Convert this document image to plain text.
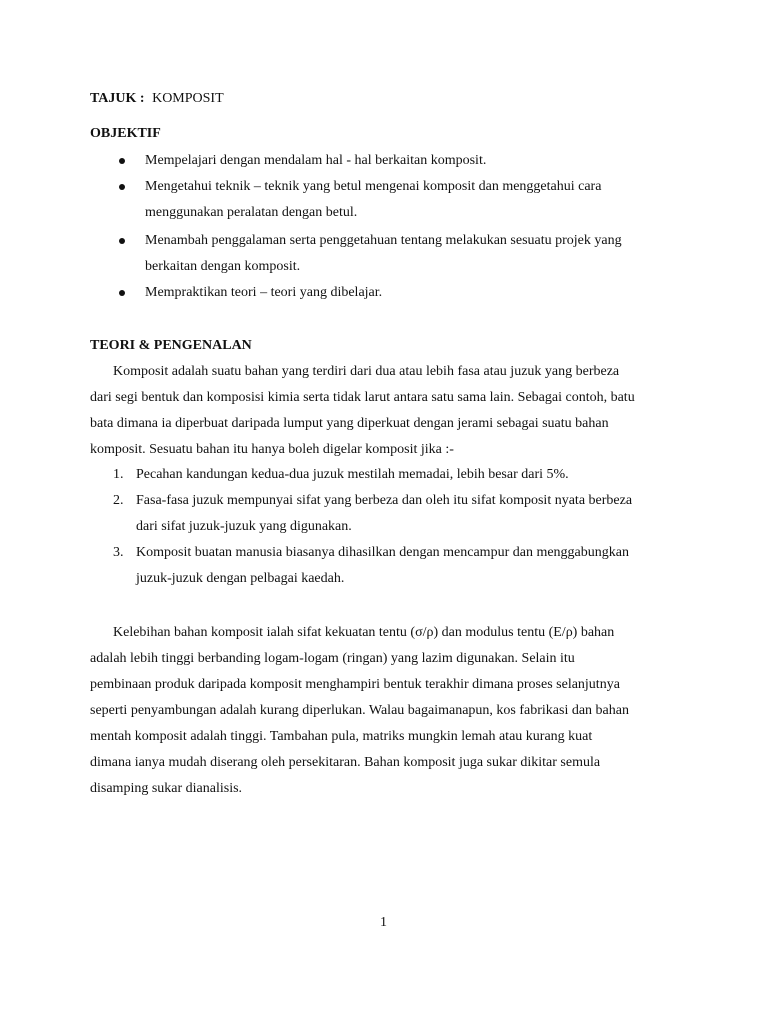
TAJUK : KOMPOSIT
OBJEKTIF
Mempelajari dengan mendalam hal - hal berkaitan komposit.
Mengetahui teknik – teknik yang betul mengenai komposit dan menggetahui cara
menggunakan peralatan dengan betul.
Menambah penggalaman serta penggetahuan tentang melakukan sesuatu projek yang
berkaitan dengan komposit.
Mempraktikan teori – teori yang dibelajar.
TEORI & PENGENALAN
Komposit adalah suatu bahan yang terdiri dari dua atau lebih fasa atau juzuk yang berbeza
dari segi bentuk dan komposisi kimia serta tidak larut antara satu sama lain. Sebagai contoh, batu
bata dimana ia diperbuat daripada lumput yang diperkuat dengan jerami sebagai suatu bahan
komposit. Sesuatu bahan itu hanya boleh digelar komposit jika :-
1. Pecahan kandungan kedua-dua juzuk mestilah memadai, lebih besar dari 5%.
2. Fasa-fasa juzuk mempunyai sifat yang berbeza dan oleh itu sifat komposit nyata berbeza
dari sifat juzuk-juzuk yang digunakan.
3. Komposit buatan manusia biasanya dihasilkan dengan mencampur dan menggabungkan
juzuk-juzuk dengan pelbagai kaedah.
Kelebihan bahan komposit ialah sifat kekuatan tentu (σ/ρ) dan modulus tentu (E/ρ) bahan
adalah lebih tinggi berbanding logam-logam (ringan) yang lazim digunakan. Selain itu
pembinaan produk daripada komposit menghampiri bentuk terakhir dimana proses selanjutnya
seperti penyambungan adalah kurang diperlukan. Walau bagaimanapun, kos fabrikasi dan bahan
mentah komposit adalah tinggi. Tambahan pula, matriks mungkin lemah atau kurang kuat
dimana ianya mudah diserang oleh persekitaran. Bahan komposit juga sukar dikitar semula
disamping sukar dianalisis.
1
